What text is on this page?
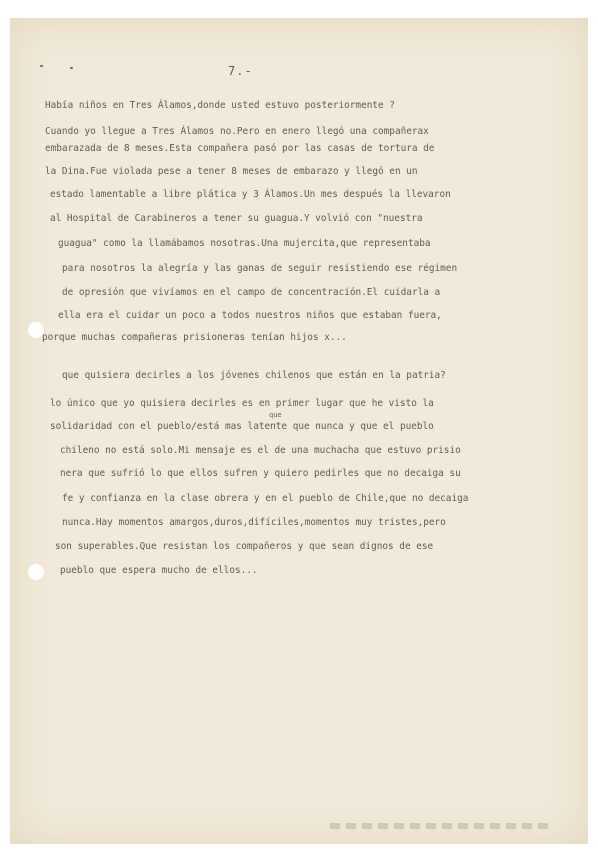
7.-
Había niños en Tres Álamos,donde usted estuvo posteriormente ?
Cuando yo llegue a Tres Álamos no.Pero en enero llegó una compañerax
embarazada de 8 meses.Esta compañera pasó por las casas de tortura de
la Dina.Fue violada pese a tener 8 meses de embarazo y llegó en un
estado lamentable a libre plática y 3 Álamos.Un mes después la llevaron
al Hospital de Carabineros a tener su guagua.Y volvió con "nuestra
guagua" como la llamábamos nosotras.Una mujercita,que representaba
para nosotros la alegría y las ganas de seguir resistiendo ese régimen
de opresión que vivíamos en el campo de concentración.El cuidarla a
ella era el cuidar un poco a todos nuestros niños que estaban fuera,
porque muchas compañeras prisioneras tenían hijos x...
que quisiera decirles a los jóvenes chilenos que están en la patria?
lo único que yo quisiera decirles es en primer lugar que he visto la
que
solidaridad con el pueblo/está mas latente que nunca y que el pueblo
chileno no está solo.Mi mensaje es el de una muchacha que estuvo prisio
nera que sufrió lo que ellos sufren y quiero pedirles que no decaiga su
fe y confianza en la clase obrera y en el pueblo de Chile,que no decaiga
nunca.Hay momentos amargos,duros,difíciles,momentos muy tristes,pero
son superables.Que resistan los compañeros y que sean dignos de ese
pueblo que espera mucho de ellos...
